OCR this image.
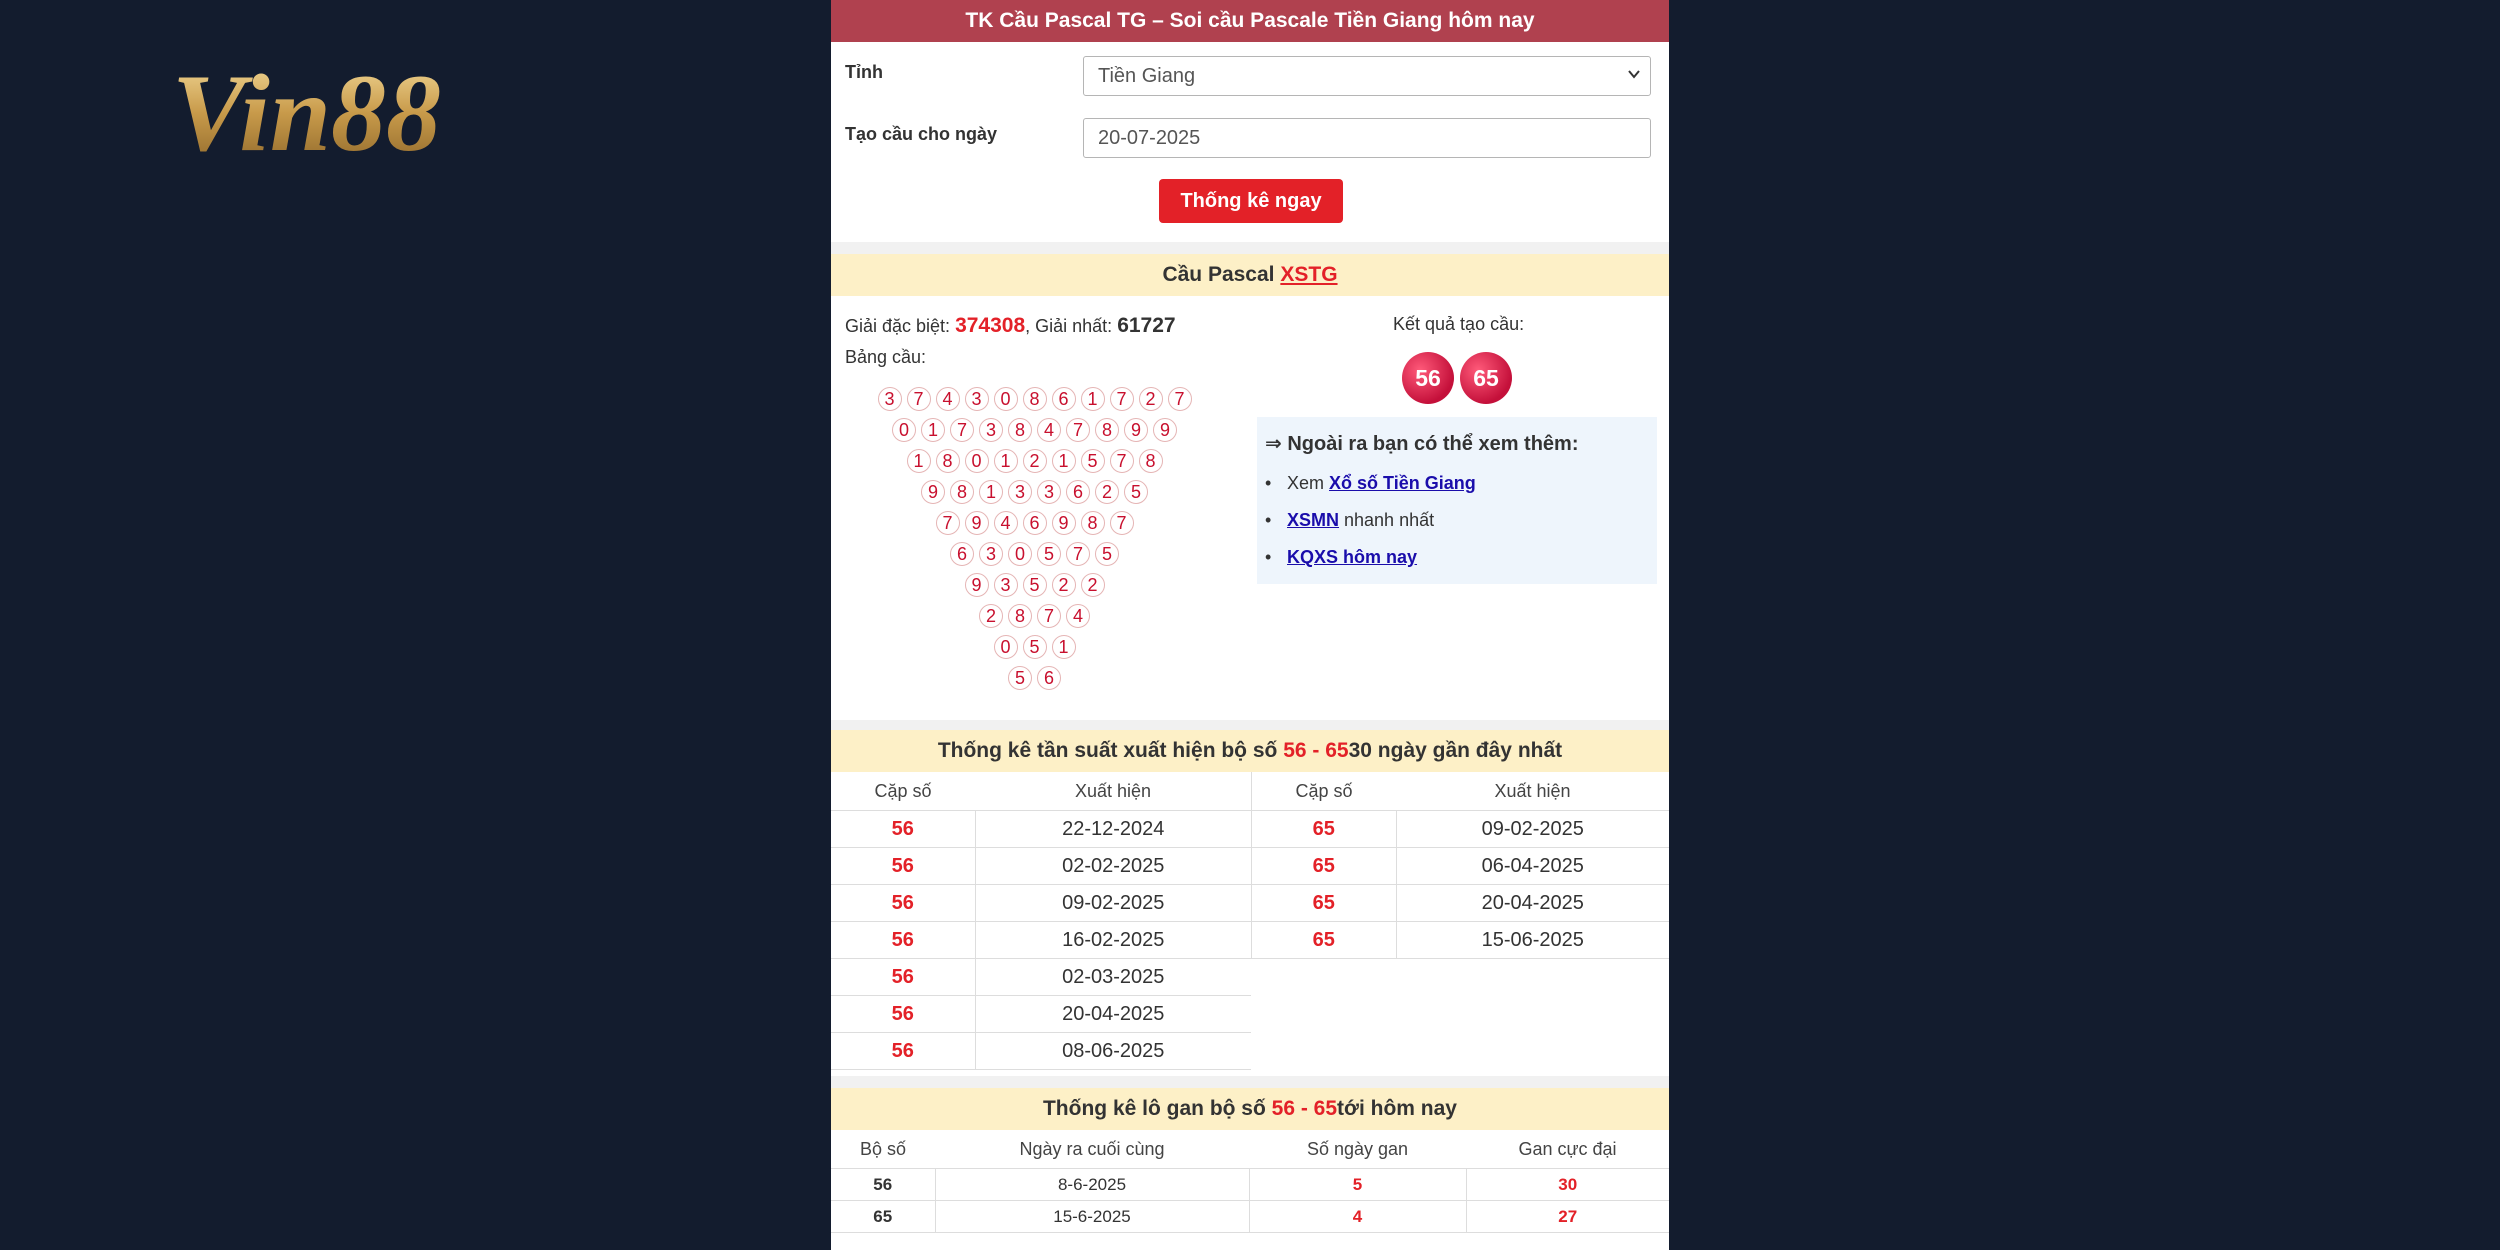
Vin88
TK Cầu Pascal TG – Soi cầu Pascale Tiền Giang hôm nay
Tỉnh	Tiền Giang
Tạo cầu cho ngày	20-07-2025
Thống kê ngay
Cầu Pascal
XSTG
Giải đặc biệt: 374308, Giải nhất: 61727
Bảng cầu:
3	7	4	3	0	8	6	1	7	2	7
0	1	7	3	8	4	7	8	9	9
1	8	0	1	2	1	5	7	8
9	8	1	3	3	6	2	5
7	9	4	6	9	8	7
6	3	0	5	7	5
9	3	5	2	2
2	8	7	4
0	5	1
5	6
Kết quả tạo cầu:
56	65
⇒ Ngoài ra bạn có thể xem thêm:
• Xem Xổ số Tiền Giang
• XSMN nhanh nhất
• KQXS hôm nay
Thống kê tần suất xuất hiện bộ số
56 - 65 30 ngày gần đây nhất
Cặp số	Xuất hiện
56	22-12-2024
56	02-02-2025
56	09-02-2025
56	16-02-2025
56	02-03-2025
56	20-04-2025
56	08-06-2025
Cặp số	Xuất hiện
65	09-02-2025
65	06-04-2025
65	20-04-2025
65	15-06-2025
Thống kê lô gan bộ số
56 - 65 tới hôm nay
Bộ số	Ngày ra cuối cùng	Số ngày gan	Gan cực đại
56	8-6-2025	5	30
65	15-6-2025	4	27
